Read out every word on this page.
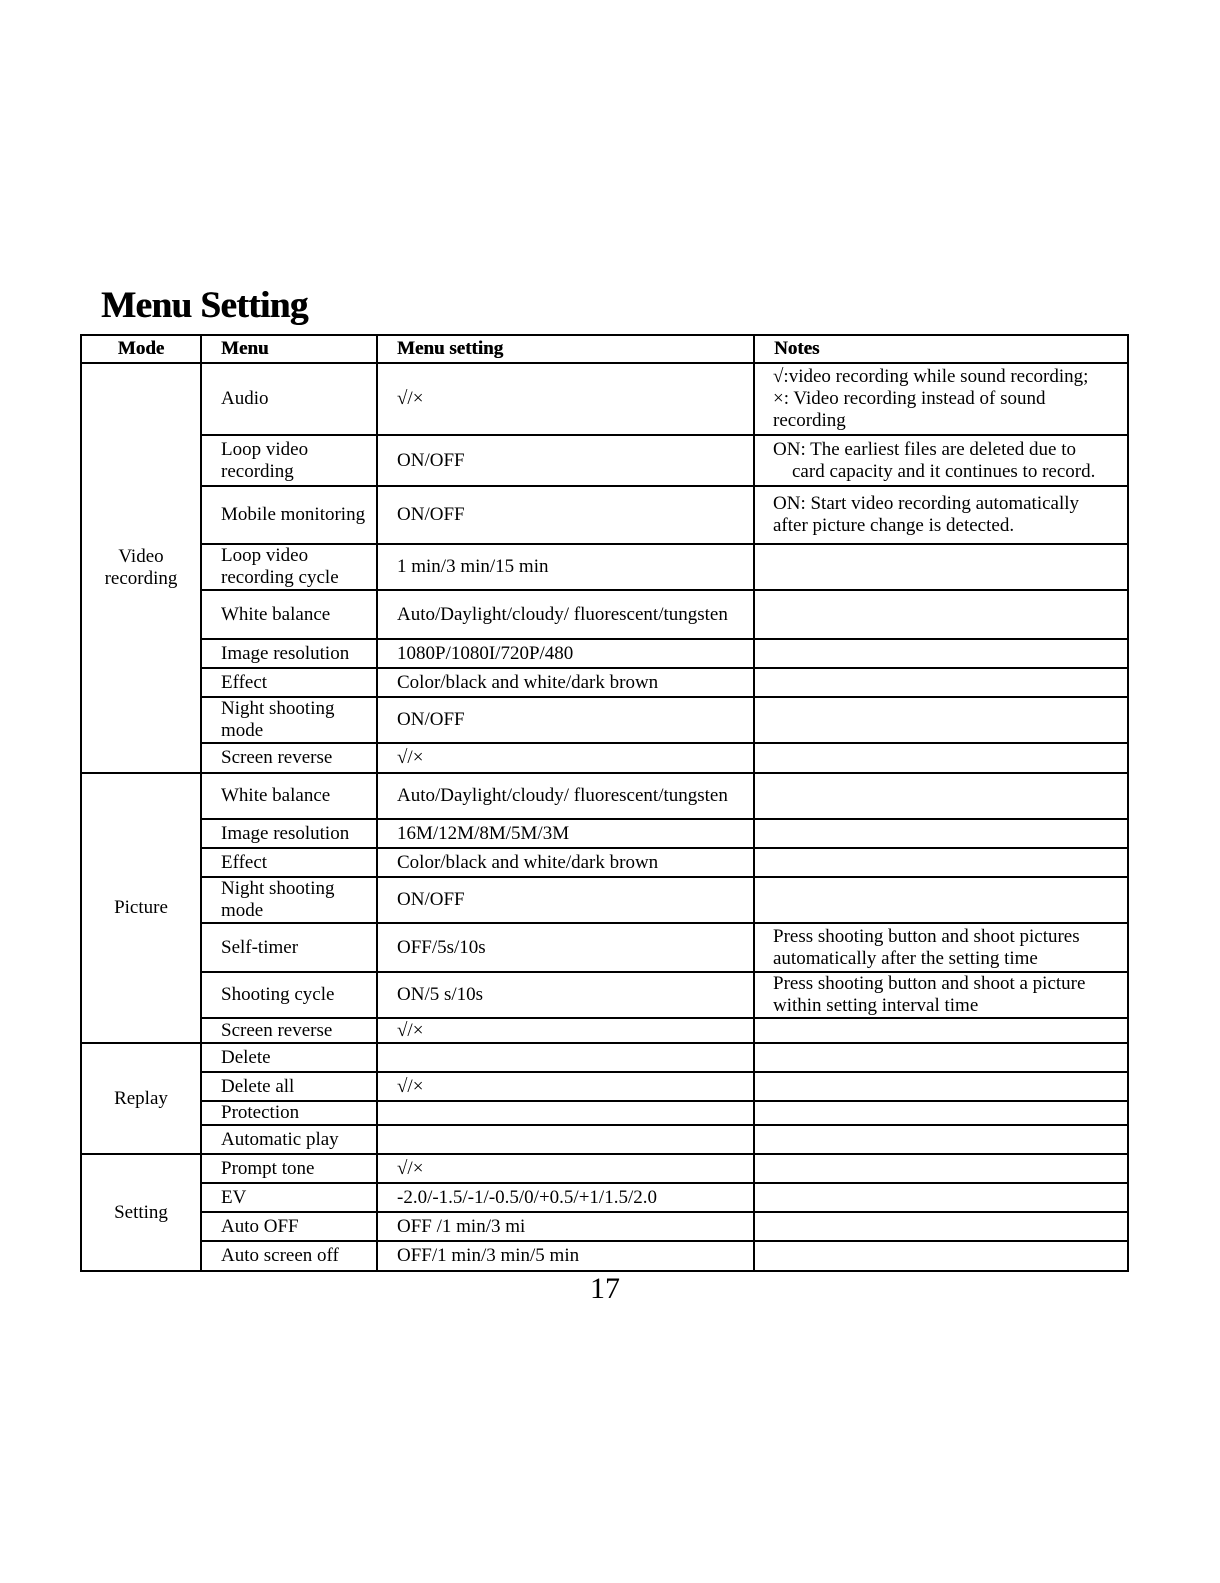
Menu Setting
Mode	Menu	Menu setting	Notes
Video recording	Audio	√/×	√:video recording while sound recording;
×: Video recording instead of sound
recording

	Loop video recording	ON/OFF	ON: The earliest files are deleted due to
card capacity and it continues to record.

	Mobile monitoring	ON/OFF	ON: Start video recording automatically
after picture change is detected.

	Loop video recording cycle	1 min/3 min/15 min	
	White balance	Auto/Daylight/cloudy/ fluorescent/tungsten	
	Image resolution	1080P/1080I/720P/480	
	Effect	Color/black and white/dark brown	
	Night shooting mode	ON/OFF	
	Screen reverse	√/×	
Picture	White balance	Auto/Daylight/cloudy/ fluorescent/tungsten	
	Image resolution	16M/12M/8M/5M/3M	
	Effect	Color/black and white/dark brown	
	Night shooting mode	ON/OFF	
	Self-timer	OFF/5s/10s	Press shooting button and shoot pictures
automatically after the setting time

	Shooting cycle	ON/5 s/10s	Press shooting button and shoot a picture
within setting interval time

	Screen reverse	√/×	
Replay	Delete		
	Delete all	√/×	
	Protection		
	Automatic play		
Setting	Prompt tone	√/×	
	EV	-2.0/-1.5/-1/-0.5/0/+0.5/+1/1.5/2.0	
	Auto OFF	OFF /1 min/3 mi	
	Auto screen off	OFF/1 min/3 min/5 min	
17
